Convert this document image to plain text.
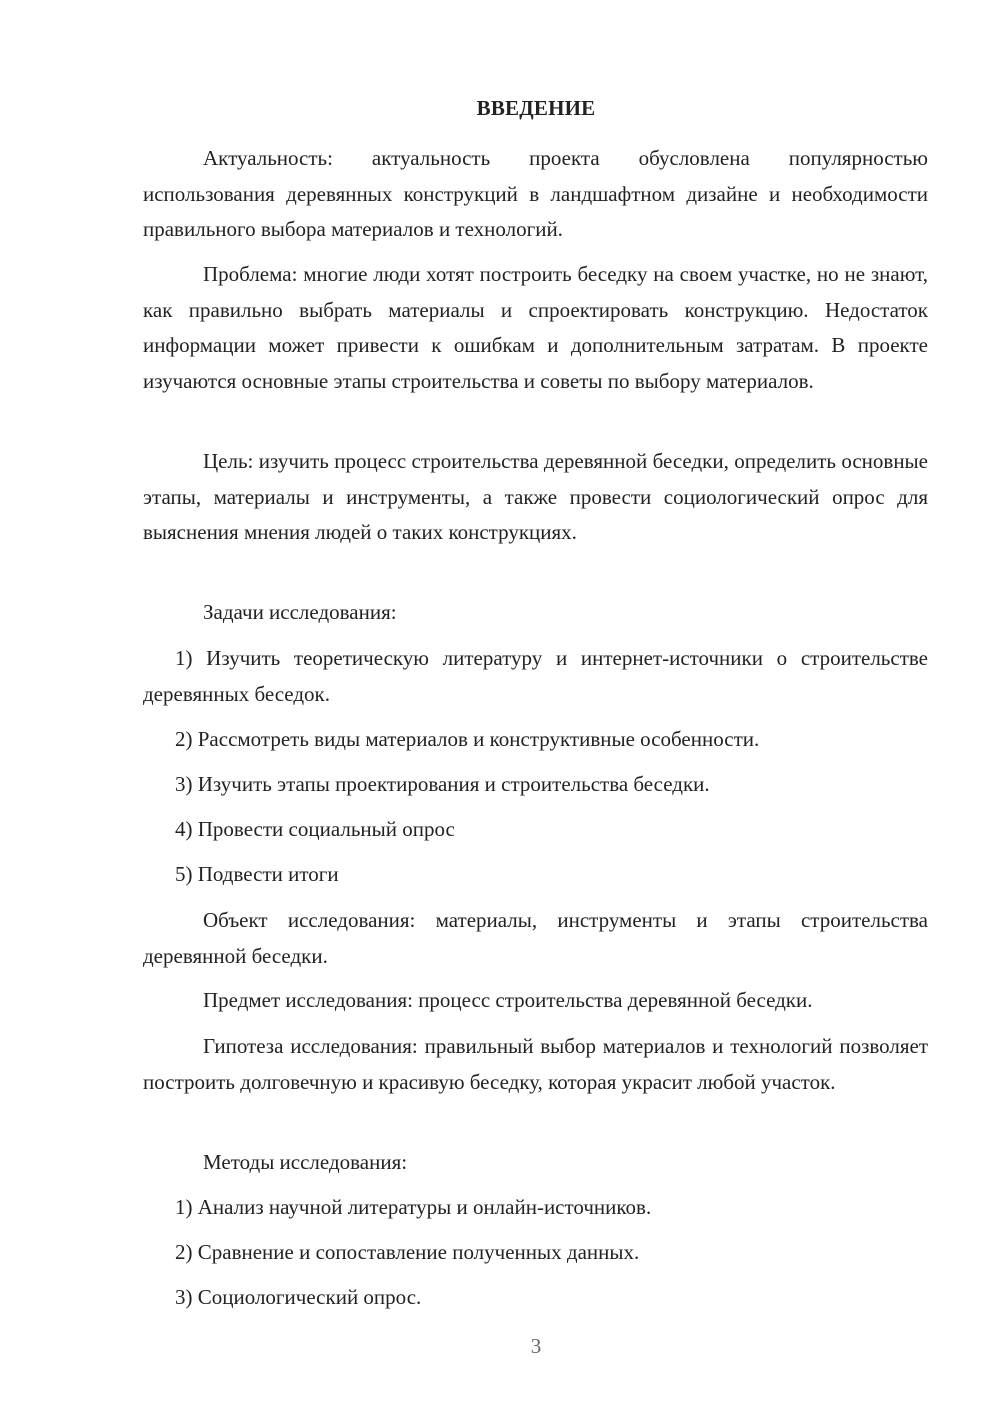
ВВЕДЕНИЕ

Актуальность: актуальность проекта обусловлена популярностью использования деревянных конструкций в ландшафтном дизайне и необходимости правильного выбора материалов и технологий.

Проблема: многие люди хотят построить беседку на своем участке, но не знают, как правильно выбрать материалы и спроектировать конструкцию. Недостаток информации может привести к ошибкам и дополнительным затратам. В проекте изучаются основные этапы строительства и советы по выбору материалов.

Цель: изучить процесс строительства деревянной беседки, определить основные этапы, материалы и инструменты, а также провести социологический опрос для выяснения мнения людей о таких конструкциях.

Задачи исследования:

1) Изучить теоретическую литературу и интернет-источники о строительстве деревянных беседок.

2) Рассмотреть виды материалов и конструктивные особенности.

3) Изучить этапы проектирования и строительства беседки.

4) Провести социальный опрос

5) Подвести итоги

Объект исследования: материалы, инструменты и этапы строительства деревянной беседки.

Предмет исследования: процесс строительства деревянной беседки.

Гипотеза исследования: правильный выбор материалов и технологий позволяет построить долговечную и красивую беседку, которая украсит любой участок.

Методы исследования:

1) Анализ научной литературы и онлайн-источников.

2) Сравнение и сопоставление полученных данных.

3) Социологический опрос.

3
